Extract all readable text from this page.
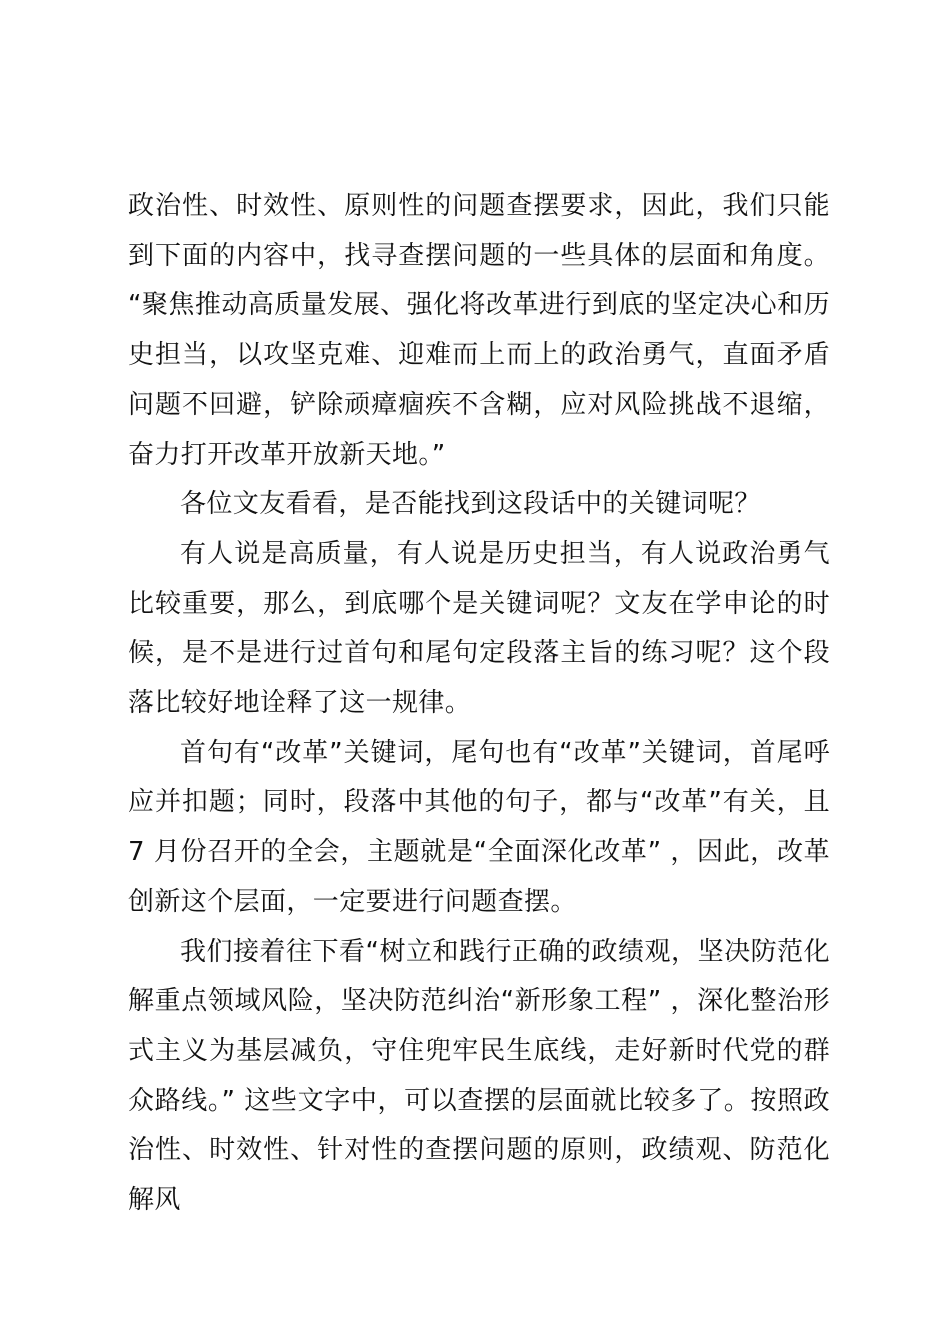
政治性、时效性、原则性的问题查摆要求，因此，我们只能到下面的内容中，找寻查摆问题的一些具体的层面和角度。 “聚焦推动高质量发展、强化将改革进行到底的坚定决心和历史担当，以攻坚克难、迎难而上而上的政治勇气，直面矛盾问题不回避，铲除顽瘴痼疾不含糊，应对风险挑战不退缩，奋力打开改革开放新天地。”

各位文友看看，是否能找到这段话中的关键词呢？

有人说是高质量，有人说是历史担当，有人说政治勇气比较重要，那么，到底哪个是关键词呢？文友在学申论的时候，是不是进行过首句和尾句定段落主旨的练习呢？这个段落比较好地诠释了这一规律。

首句有“改革”关键词，尾句也有“改革”关键词，首尾呼应并扣题；同时，段落中其他的句子，都与“改革”有关，且 7 月份召开的全会，主题就是“全面深化改革” ，因此，改革创新这个层面，一定要进行问题查摆。

我们接着往下看“树立和践行正确的政绩观，坚决防范化解重点领域风险，坚决防范纠治“新形象工程” ，深化整治形式主义为基层减负，守住兜牢民生底线，走好新时代党的群众路线。” 这些文字中，可以查摆的层面就比较多了。按照政治性、时效性、针对性的查摆问题的原则，政绩观、防范化解风
